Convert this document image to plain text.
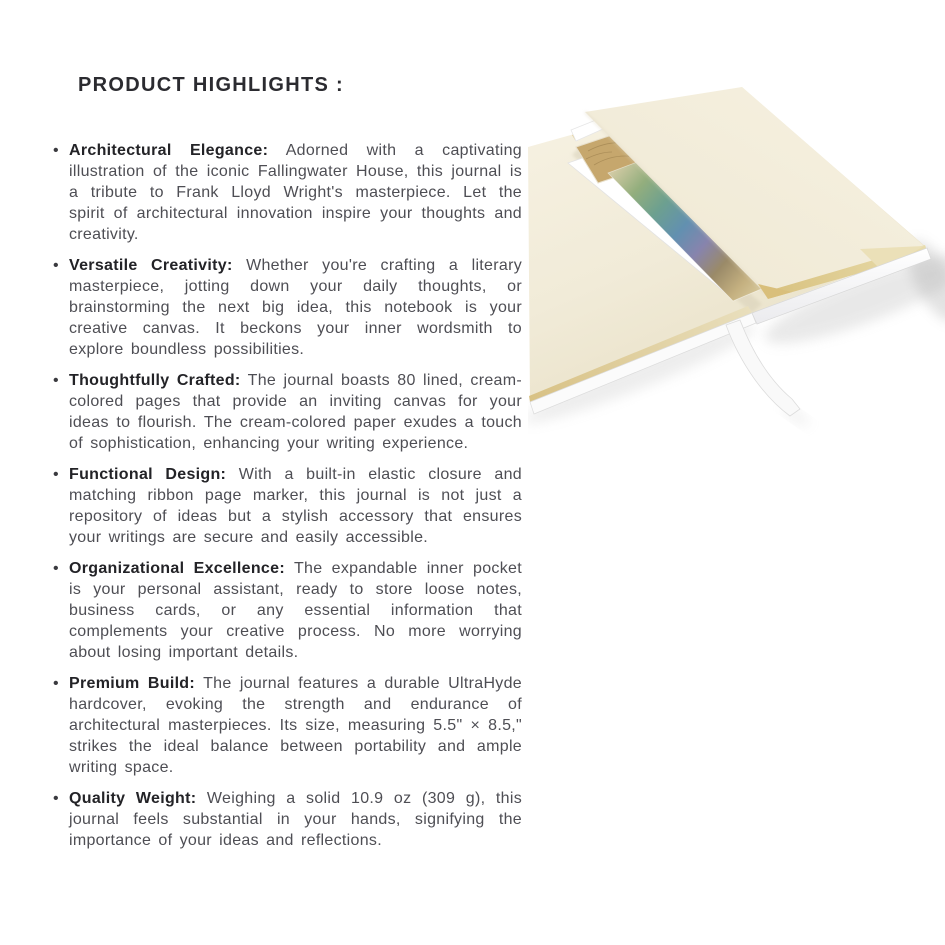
PRODUCT HIGHLIGHTS :
• Architectural Elegance: Adorned with a captivating illustration of the iconic Fallingwater House, this journal is a tribute to Frank Lloyd Wright's masterpiece. Let the spirit of architectural innovation inspire your thoughts and creativity.
• Versatile Creativity: Whether you're crafting a literary masterpiece, jotting down your daily thoughts, or brainstorming the next big idea, this notebook is your creative canvas. It beckons your inner wordsmith to explore boundless possibilities.
• Thoughtfully Crafted: The journal boasts 80 lined, cream-colored pages that provide an inviting canvas for your ideas to flourish. The cream-colored paper exudes a touch of sophistication, enhancing your writing experience.
• Functional Design: With a built-in elastic closure and matching ribbon page marker, this journal is not just a repository of ideas but a stylish accessory that ensures your writings are secure and easily accessible.
• Organizational Excellence: The expandable inner pocket is your personal assistant, ready to store loose notes, business cards, or any essential information that complements your creative process. No more worrying about losing important details.
• Premium Build: The journal features a durable UltraHyde hardcover, evoking the strength and endurance of architectural masterpieces. Its size, measuring 5.5" × 8.5," strikes the ideal balance between portability and ample writing space.
• Quality Weight: Weighing a solid 10.9 oz (309 g), this journal feels substantial in your hands, signifying the importance of your ideas and reflections.
